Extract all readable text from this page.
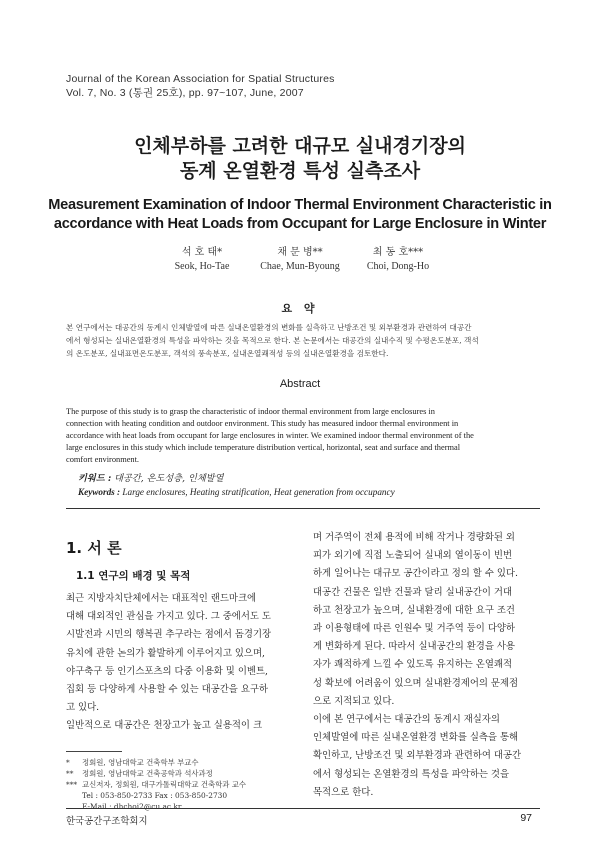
Journal of the Korean Association for Spatial Structures
Vol. 7, No. 3 (통권 25호), pp. 97~107, June, 2007
인체부하를 고려한 대규모 실내경기장의
동계 온열환경 특성 실측조사
Measurement Examination of Indoor Thermal Environment Characteristic in
accordance with Heat Loads from Occupant for Large Enclosure in Winter
석 호 태*
Seok, Ho-Tae
채 문 병**
Chae, Mun-Byoung
최 동 호***
Choi, Dong-Ho
요 약
본 연구에서는 대공간의 동계시 인체발열에 따른 실내온열환경의 변화를 실측하고 난방조건 및 외부환경과 관련하여 대공간
에서 형성되는 실내온열환경의 특성을 파악하는 것을 목적으로 한다. 본 논문에서는 대공간의 실내수직 및 수평온도분포, 객석
의 온도분포, 실내표면온도분포, 객석의 풍속분포, 실내온열쾌적성 등의 실내온열환경을 검토한다.
Abstract
The purpose of this study is to grasp the characteristic of indoor thermal environment from large enclosures in
connection with heating condition and outdoor environment. This study has measured indoor thermal environment in
accordance with heat loads from occupant for large enclosures in winter. We examined indoor thermal environment of the
large enclosures in this study which include temperature distribution vertical, horizontal, seat and surface and thermal
comfort environment.
키워드 : 대공간, 온도성층, 인체발열
Keywords : Large enclosures, Heating stratification, Heat generation from occupancy
1. 서 론
1.1 연구의 배경 및 목적
최근 지방자치단체에서는 대표적인 랜드마크에
대해 대외적인 관심을 가지고 있다. 그 중에서도 도
시발전과 시민의 행복권 추구라는 점에서 돔경기장
유치에 관한 논의가 활발하게 이루어지고 있으며,
야구축구 등 인기스포츠의 다중 이용화 및 이벤트,
집회 등 다양하게 사용할 수 있는 대공간을 요구하
고 있다.
일반적으로 대공간은 천장고가 높고 실용적이 크
며 거주역이 전체 용적에 비해 작거나 경량화된 외
피가 외기에 직접 노출되어 실내외 열이동이 빈번
하게 일어나는 대규모 공간이라고 정의 할 수 있다.
대공간 건물은 일반 건물과 달리 실내공간이 거대
하고 천장고가 높으며, 실내환경에 대한 요구 조건
과 이용형태에 따른 인원수 및 거주역 등이 다양하
게 변화하게 된다. 따라서 실내공간의 환경을 사용
자가 쾌적하게 느낄 수 있도록 유지하는 온열쾌적
성 확보에 어려움이 있으며 실내환경제어의 문제점
으로 지적되고 있다.
이에 본 연구에서는 대공간의 동계시 재실자의
인체발열에 따른 실내온열환경 변화를 실측을 통해
확인하고, 난방조건 및 외부환경과 관련하여 대공간
에서 형성되는 온열환경의 특성을 파악하는 것을
목적으로 한다.
* 정회원, 영남대학교 건축학부 부교수
** 정회원, 영남대학교 건축공학과 석사과정
*** 교신저자, 정회원, 대구가톨릭대학교 건축학과 교수
Tel : 053-850-2733 Fax : 053-850-2730
E-Mail : dhchoi2@cu.ac.kr
한국공간구조학회지	97
